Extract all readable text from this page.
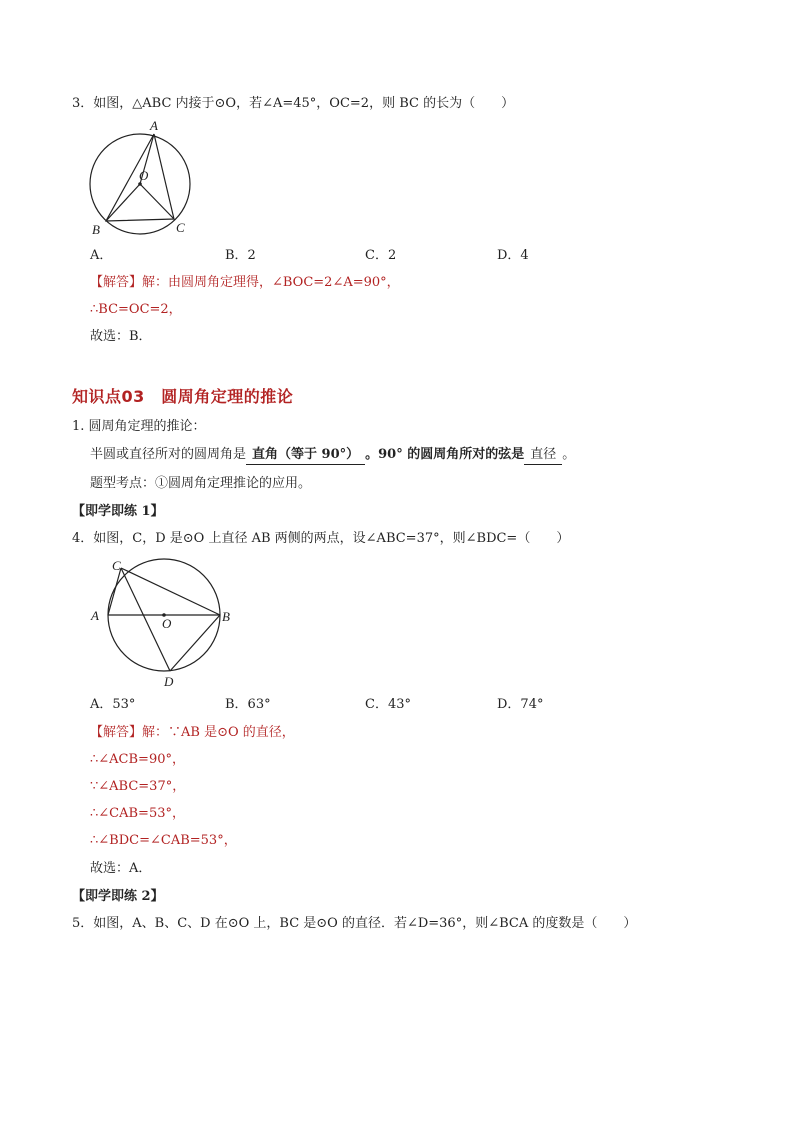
3．如图，△ABC 内接于⊙O，若∠A=45°，OC=2，则 BC 的长为（　　）
A
B	C
O
A．	B．2	C．2	D．4
【解答】解：由圆周角定理得，∠BOC=2∠A=90°，
∴BC=OC=2，
故选：B．
知识点03　圆周角定理的推论
1. 圆周角定理的推论：
半圆或直径所对的圆周角是 直角（等于 90°） 。90° 的圆周角所对的弦是 直径 。
题型考点：①圆周角定理推论的应用。
【即学即练 1】
4．如图，C，D 是⊙O 上直径 AB 两侧的两点，设∠ABC=37°，则∠BDC=（　　）
C
A	B
O
D
A．53°	B．63°	C．43°	D．74°
【解答】解：∵AB 是⊙O 的直径，
∴∠ACB=90°，
∵∠ABC=37°，
∴∠CAB=53°，
∴∠BDC=∠CAB=53°，
故选：A．
【即学即练 2】
5．如图，A、B、C、D 在⊙O 上，BC 是⊙O 的直径．若∠D=36°，则∠BCA 的度数是（　　）
